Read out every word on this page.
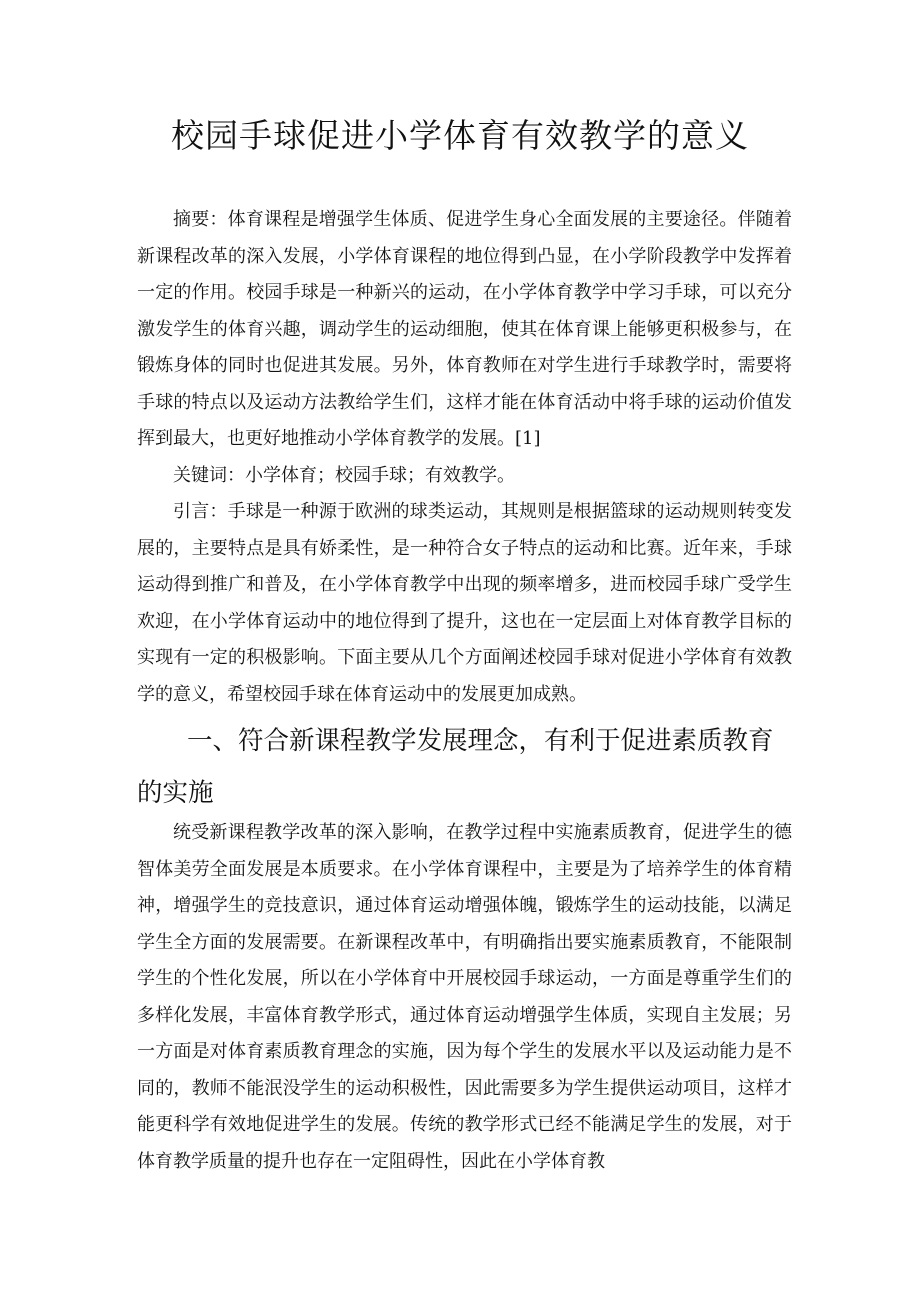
校园手球促进小学体育有效教学的意义

摘要：体育课程是增强学生体质、促进学生身心全面发展的主要途径。伴随着新课程改革的深入发展，小学体育课程的地位得到凸显，在小学阶段教学中发挥着一定的作用。校园手球是一种新兴的运动，在小学体育教学中学习手球，可以充分激发学生的体育兴趣，调动学生的运动细胞，使其在体育课上能够更积极参与，在锻炼身体的同时也促进其发展。另外，体育教师在对学生进行手球教学时，需要将手球的特点以及运动方法教给学生们，这样才能在体育活动中将手球的运动价值发挥到最大，也更好地推动小学体育教学的发展。[1]

关键词：小学体育；校园手球；有效教学。

引言：手球是一种源于欧洲的球类运动，其规则是根据篮球的运动规则转变发展的，主要特点是具有娇柔性，是一种符合女子特点的运动和比赛。近年来，手球运动得到推广和普及，在小学体育教学中出现的频率增多，进而校园手球广受学生欢迎，在小学体育运动中的地位得到了提升，这也在一定层面上对体育教学目标的实现有一定的积极影响。下面主要从几个方面阐述校园手球对促进小学体育有效教学的意义，希望校园手球在体育运动中的发展更加成熟。

一、符合新课程教学发展理念，有利于促进素质教育的实施

统受新课程教学改革的深入影响，在教学过程中实施素质教育，促进学生的德智体美劳全面发展是本质要求。在小学体育课程中，主要是为了培养学生的体育精神，增强学生的竞技意识，通过体育运动增强体魄，锻炼学生的运动技能，以满足学生全方面的发展需要。在新课程改革中，有明确指出要实施素质教育，不能限制学生的个性化发展，所以在小学体育中开展校园手球运动，一方面是尊重学生们的多样化发展，丰富体育教学形式，通过体育运动增强学生体质，实现自主发展；另一方面是对体育素质教育理念的实施，因为每个学生的发展水平以及运动能力是不同的，教师不能泯没学生的运动积极性，因此需要多为学生提供运动项目，这样才能更科学有效地促进学生的发展。传统的教学形式已经不能满足学生的发展，对于体育教学质量的提升也存在一定阻碍性，因此在小学体育教
